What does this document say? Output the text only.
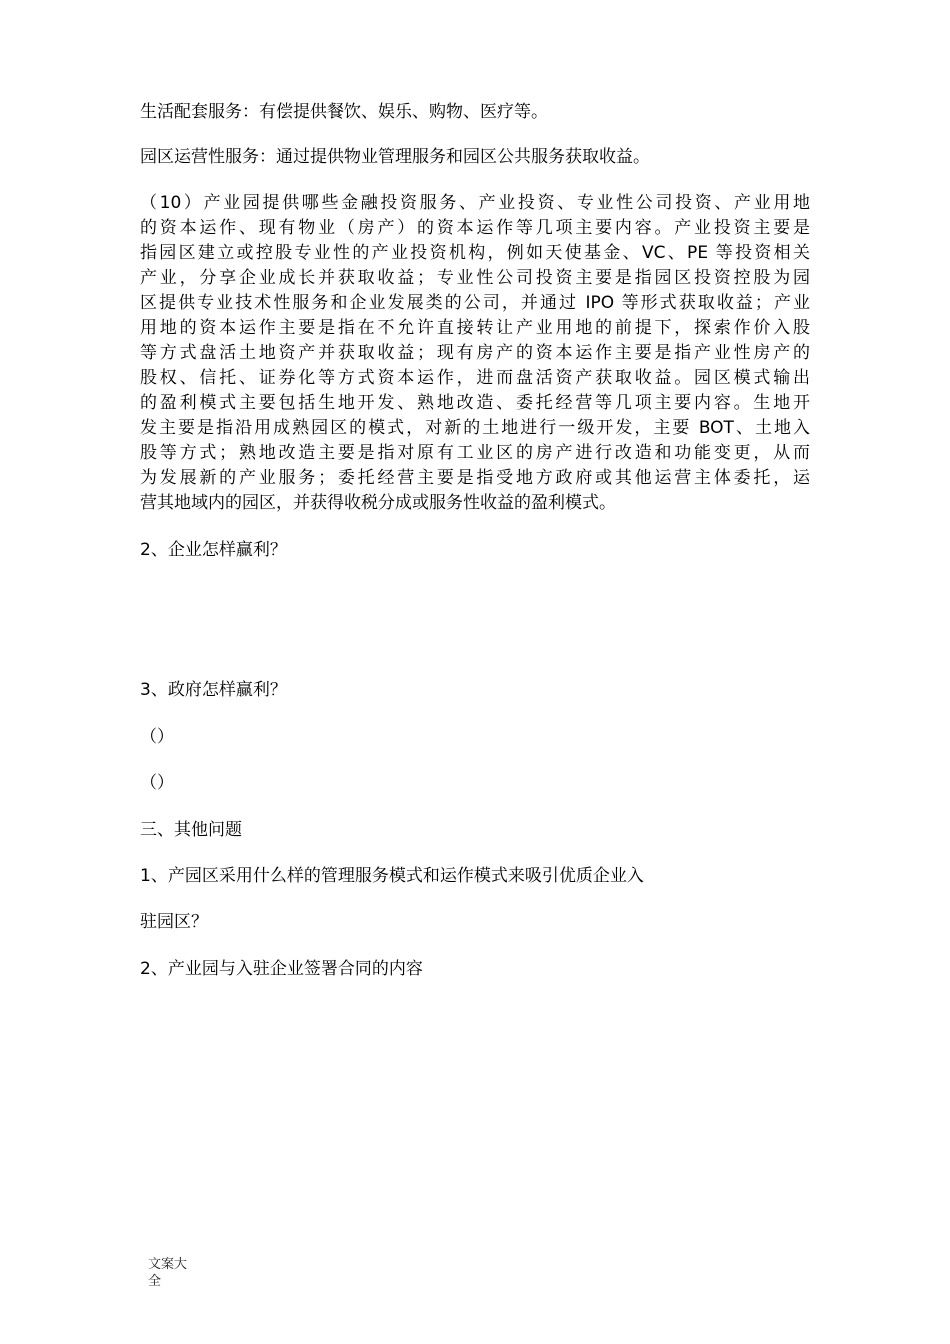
生活配套服务：有偿提供餐饮、娱乐、购物、医疗等。

园区运营性服务：通过提供物业管理服务和园区公共服务获取收益。

（10）产业园提供哪些金融投资服务、产业投资、专业性公司投资、产业用地
的资本运作、现有物业（房产）的资本运作等几项主要内容。产业投资主要是
指园区建立或控股专业性的产业投资机构，例如天使基金、VC、PE 等投资相关
产业，分享企业成长并获取收益；专业性公司投资主要是指园区投资控股为园
区提供专业技术性服务和企业发展类的公司，并通过 IPO 等形式获取收益；产业
用地的资本运作主要是指在不允许直接转让产业用地的前提下，探索作价入股
等方式盘活土地资产并获取收益；现有房产的资本运作主要是指产业性房产的
股权、信托、证券化等方式资本运作，进而盘活资产获取收益。园区模式输出
的盈利模式主要包括生地开发、熟地改造、委托经营等几项主要内容。生地开
发主要是指沿用成熟园区的模式，对新的土地进行一级开发，主要 BOT、土地入
股等方式；熟地改造主要是指对原有工业区的房产进行改造和功能变更，从而
为发展新的产业服务；委托经营主要是指受地方政府或其他运营主体委托，运
营其地域内的园区，并获得收税分成或服务性收益的盈利模式。

2、企业怎样赢利？

3、政府怎样赢利？

（）

（）

三、其他问题

1、产园区采用什么样的管理服务模式和运作模式来吸引优质企业入

驻园区？

2、产业园与入驻企业签署合同的内容

文案大
全
